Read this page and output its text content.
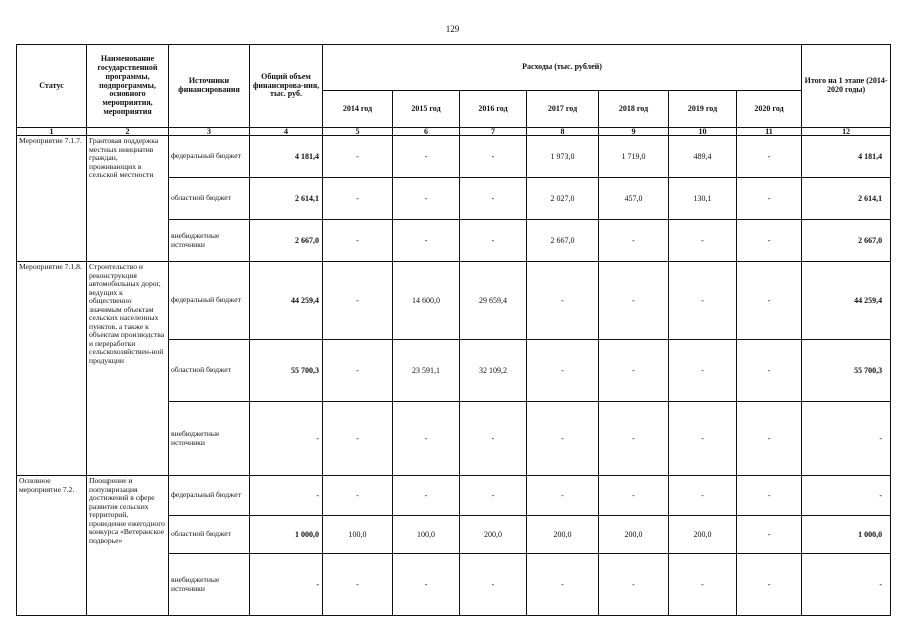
129
Статус	Наименование государственной программы, подпрограммы, основного мероприятия, мероприятия	Источники финансирования	Общий объем финансирова-ния, тыс. руб.	Расходы (тыс. рублей)							Итого на 1 этапе (2014-2020 годы)
				2014 год	2015 год	2016 год	2017 год	2018 год	2019 год	2020 год	
1	2	3	4	5	6	7	8	9	10	11	12
Мероприятие 7.1.7.	Грантовая поддержка местных инициатив граждан, проживающих в сельской местности	федеральный бюджет	4 181,4	-	-	-	1 973,0	1 719,0	489,4	-	4 181,4
		областной бюджет	2 614,1	-	-	-	2 027,0	457,0	130,1	-	2 614,1
		внебюджетные источники	2 667,0	-	-	-	2 667,0	-	-	-	2 667,0
Мероприятие 7.1.8.	Строительство и реконструкция автомобильных дорог, ведущих к общественно значимым объектам сельских населенных пунктов, а также к объектам производства и переработки сельскохозяйствен-ной продукции	федеральный бюджет	44 259,4	-	14 600,0	29 659,4	-	-	-	-	44 259,4
		областной бюджет	55 700,3	-	23 591,1	32 109,2	-	-	-	-	55 700,3
		внебюджетные источники	-	-	-	-	-	-	-	-	-
Основное мероприятие 7.2.	Поощрение и популяризация достижений в сфере развития сельских территорий, проведение ежегодного конкурса «Ветеранское подворье»	федеральный бюджет	-	-	-	-	-	-	-	-	-
		областной бюджет	1 000,0	100,0	100,0	200,0	200,0	200,0	200,0	-	1 000,0
		внебюджетные источники	-	-	-	-	-	-	-	-	-
